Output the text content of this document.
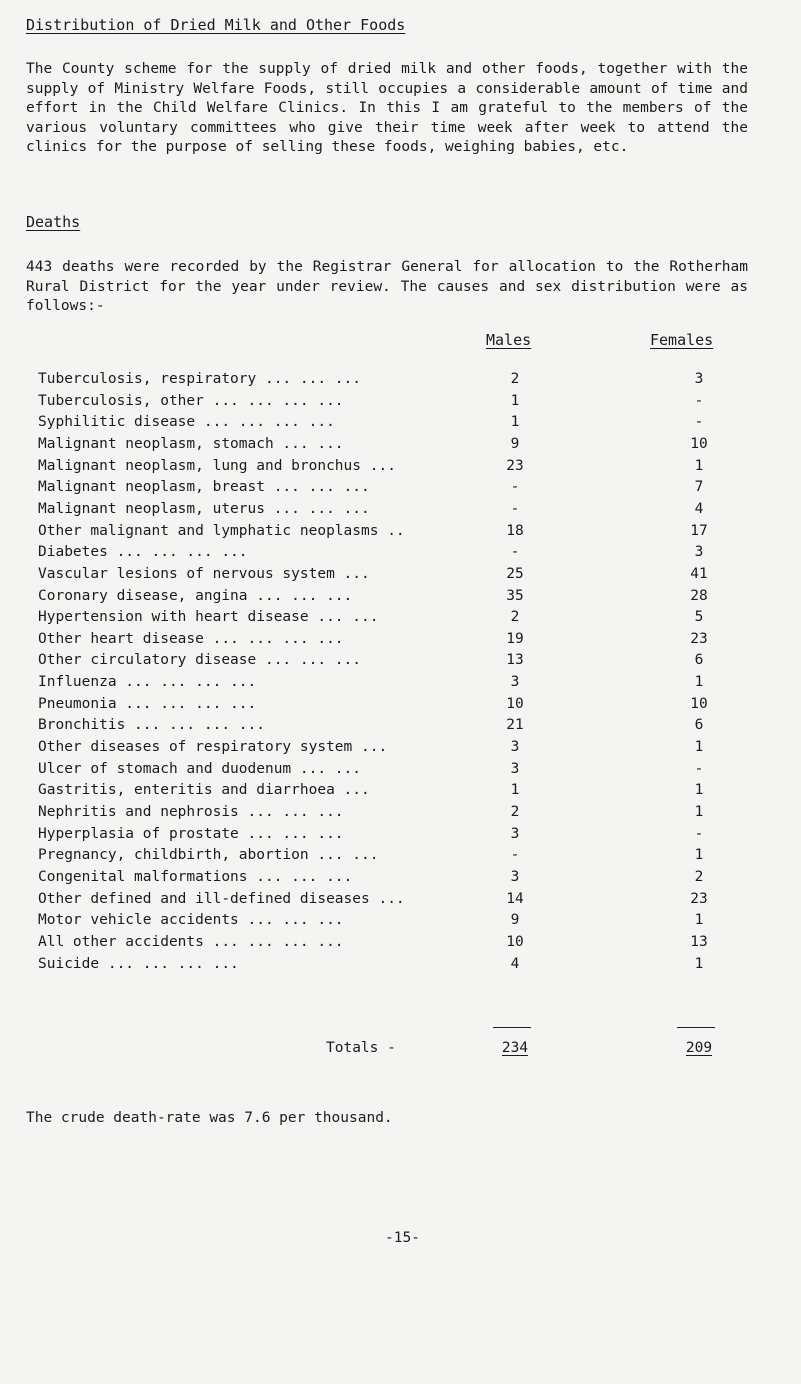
Distribution of Dried Milk and Other Foods

The County scheme for the supply of dried milk and other foods, together with the supply of Ministry Welfare Foods, still occupies a considerable amount of time and effort in the Child Welfare Clinics. In this I am grateful to the members of the various voluntary committees who give their time week after week to attend the clinics for the purpose of selling these foods, weighing babies, etc.

Deaths

443 deaths were recorded by the Registrar General for allocation to the Rotherham Rural District for the year under review. The causes and sex distribution were as follows:-

Males	Females
Tuberculosis, respiratory ... ... ...	2	3
Tuberculosis, other ... ... ... ...	1	-
Syphilitic disease ... ... ... ...	1	-
Malignant neoplasm, stomach ... ...	9	10
Malignant neoplasm, lung and bronchus ...	23	1
Malignant neoplasm, breast ... ... ...	-	7
Malignant neoplasm, uterus ... ... ...	-	4
Other malignant and lymphatic neoplasms ..	18	17
Diabetes ... ... ... ...	-	3
Vascular lesions of nervous system ...	25	41
Coronary disease, angina ... ... ...	35	28
Hypertension with heart disease ... ...	2	5
Other heart disease ... ... ... ...	19	23
Other circulatory disease ... ... ...	13	6
Influenza ... ... ... ...	3	1
Pneumonia ... ... ... ...	10	10
Bronchitis ... ... ... ...	21	6
Other diseases of respiratory system ...	3	1
Ulcer of stomach and duodenum ... ...	3	-
Gastritis, enteritis and diarrhoea ...	1	1
Nephritis and nephrosis ... ... ...	2	1
Hyperplasia of prostate ... ... ...	3	-
Pregnancy, childbirth, abortion ... ...	-	1
Congenital malformations ... ... ...	3	2
Other defined and ill-defined diseases ...	14	23
Motor vehicle accidents ... ... ...	9	1
All other accidents ... ... ... ...	10	13
Suicide ... ... ... ...	4	1
Totals -	234	209
The crude death-rate was 7.6 per thousand.
-15-
